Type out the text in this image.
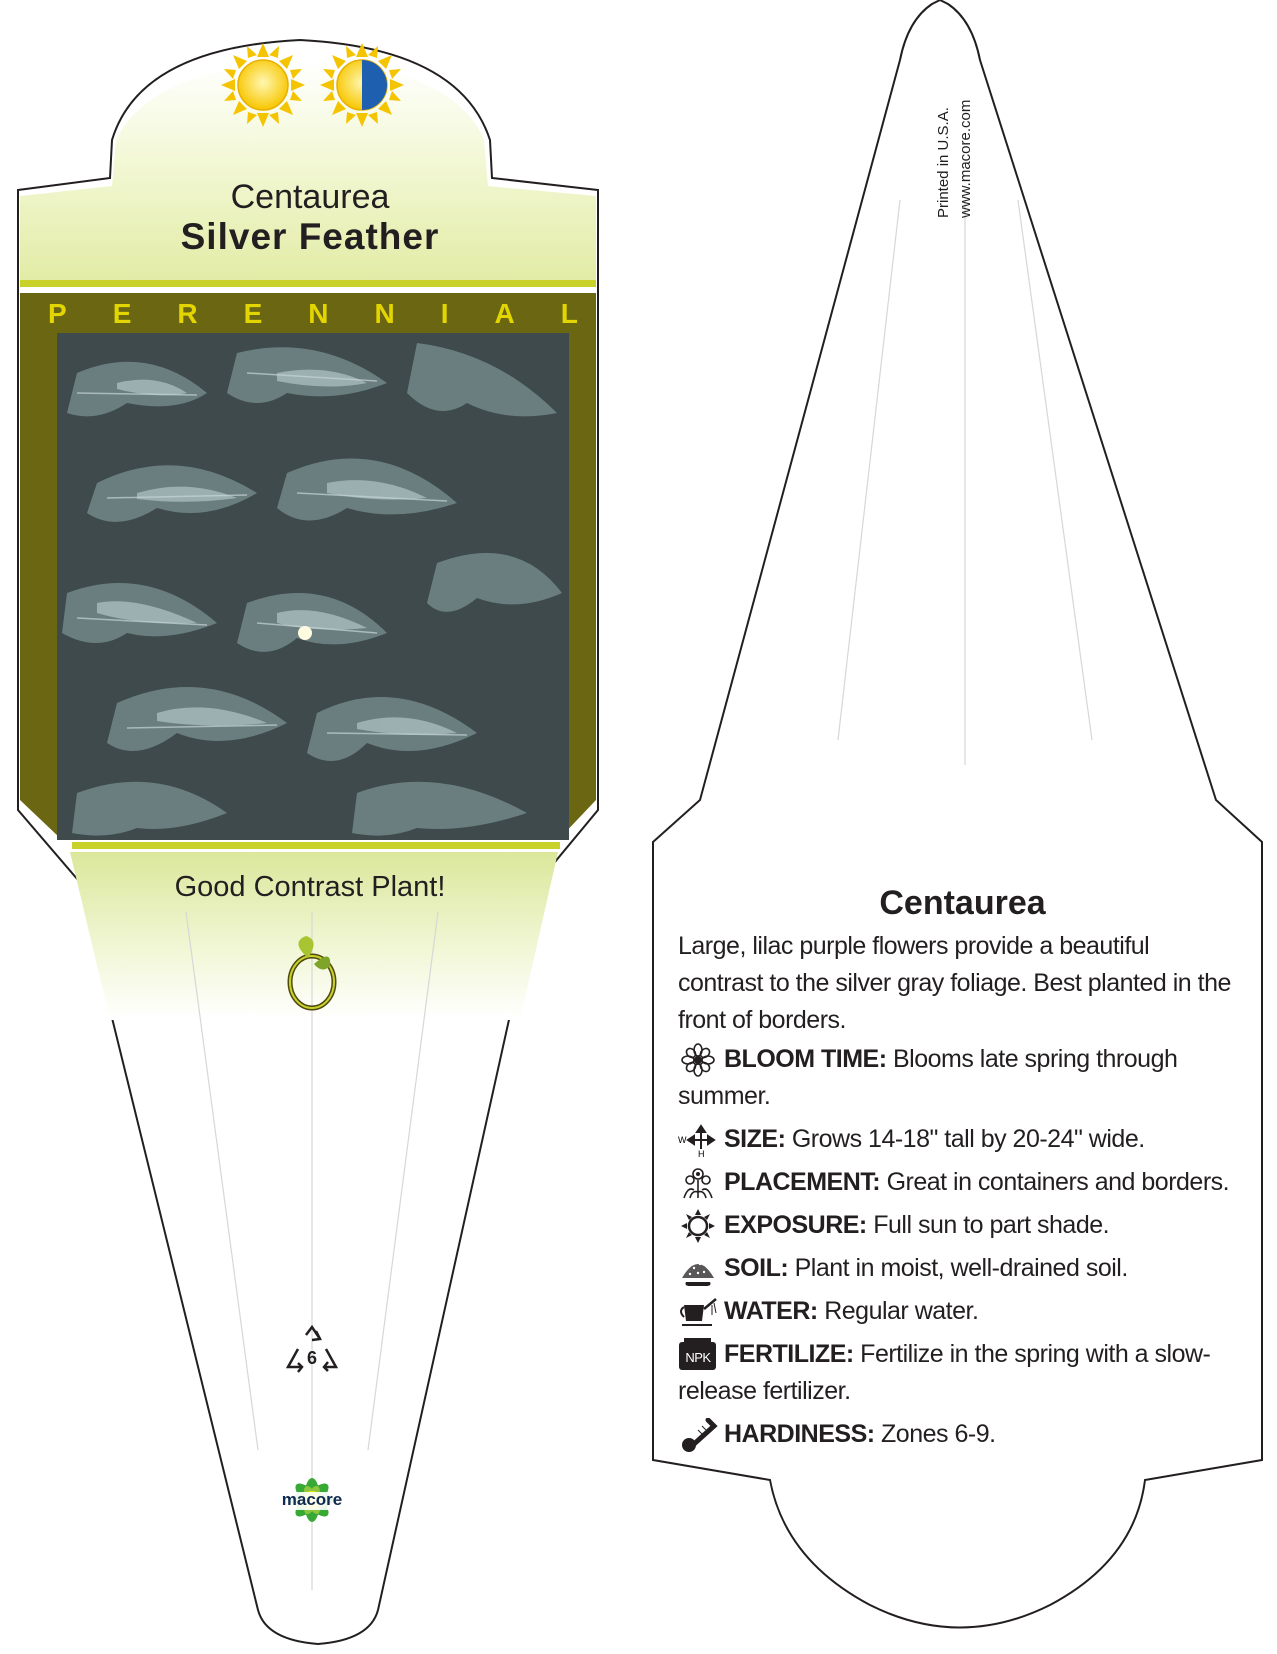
Centaurea
Silver Feather
P E R E N N I A L
Good Contrast Plant!
6
macore
Printed in U.S.A. www.macore.com
Centaurea
Large, lilac purple flowers provide a beautiful contrast to the silver gray foliage. Best planted in the front of borders.
BLOOM TIME: Blooms late spring through summer.
W
H
SIZE: Grows 14-18" tall by 20-24" wide.
PLACEMENT: Great in containers and borders.
EXPOSURE: Full sun to part shade.
SOIL: Plant in moist, well-drained soil.
WATER: Regular water.
NPK FERTILIZE: Fertilize in the spring with a slow-release fertilizer.
HARDINESS: Zones 6-9.
